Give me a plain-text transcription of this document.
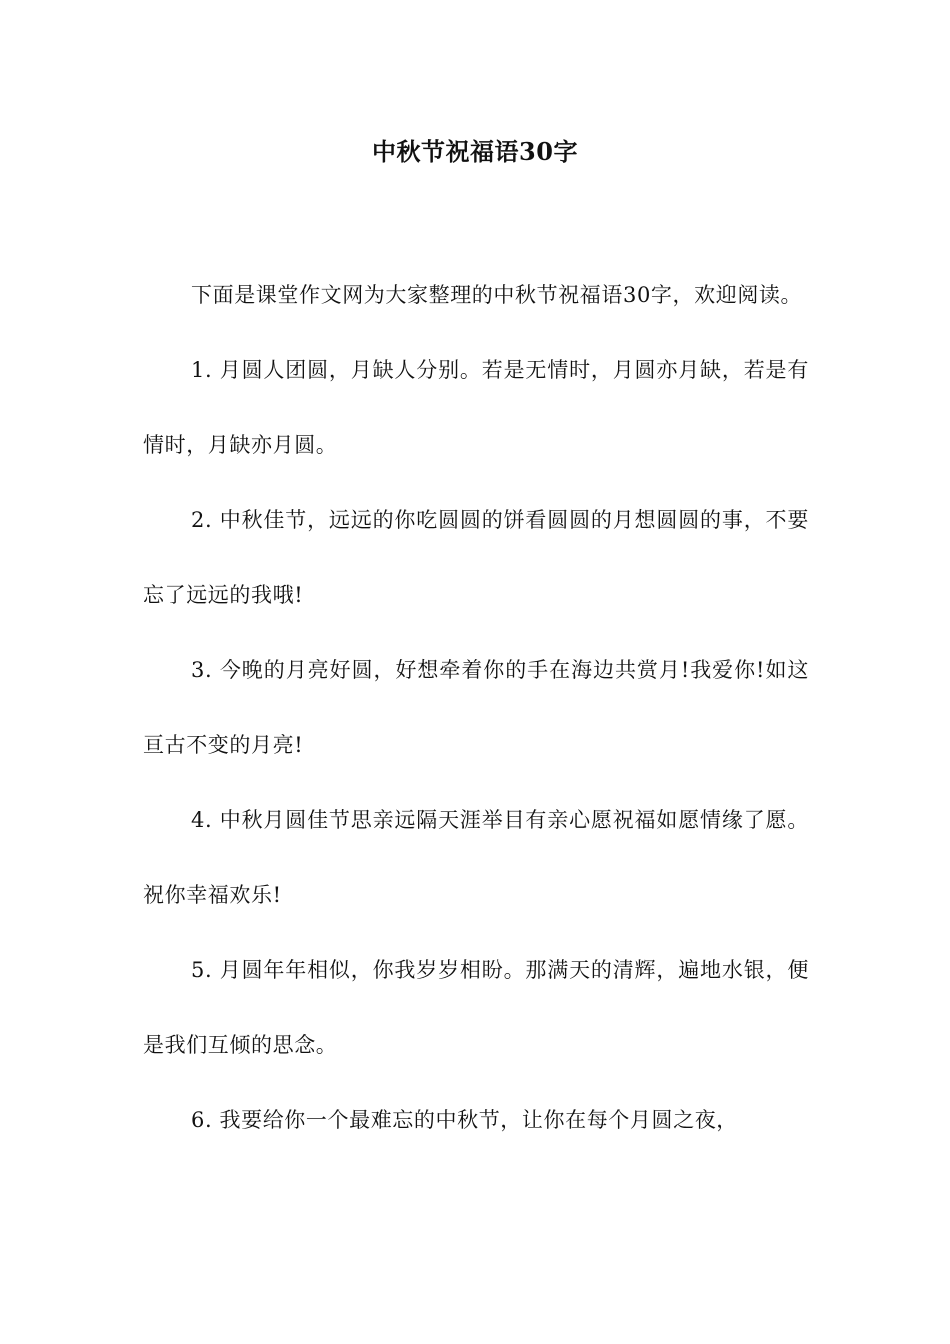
中秋节祝福语30字

下面是课堂作文网为大家整理的中秋节祝福语30字，欢迎阅读。

1. 月圆人团圆，月缺人分别。若是无情时，月圆亦月缺，若是有情时，月缺亦月圆。

2. 中秋佳节，远远的你吃圆圆的饼看圆圆的月想圆圆的事，不要忘了远远的我哦!

3. 今晚的月亮好圆，好想牵着你的手在海边共赏月!我爱你!如这亘古不变的月亮!

4. 中秋月圆佳节思亲远隔天涯举目有亲心愿祝福如愿情缘了愿。祝你幸福欢乐!

5. 月圆年年相似，你我岁岁相盼。那满天的清辉，遍地水银，便是我们互倾的思念。

6. 我要给你一个最难忘的中秋节，让你在每个月圆之夜，
